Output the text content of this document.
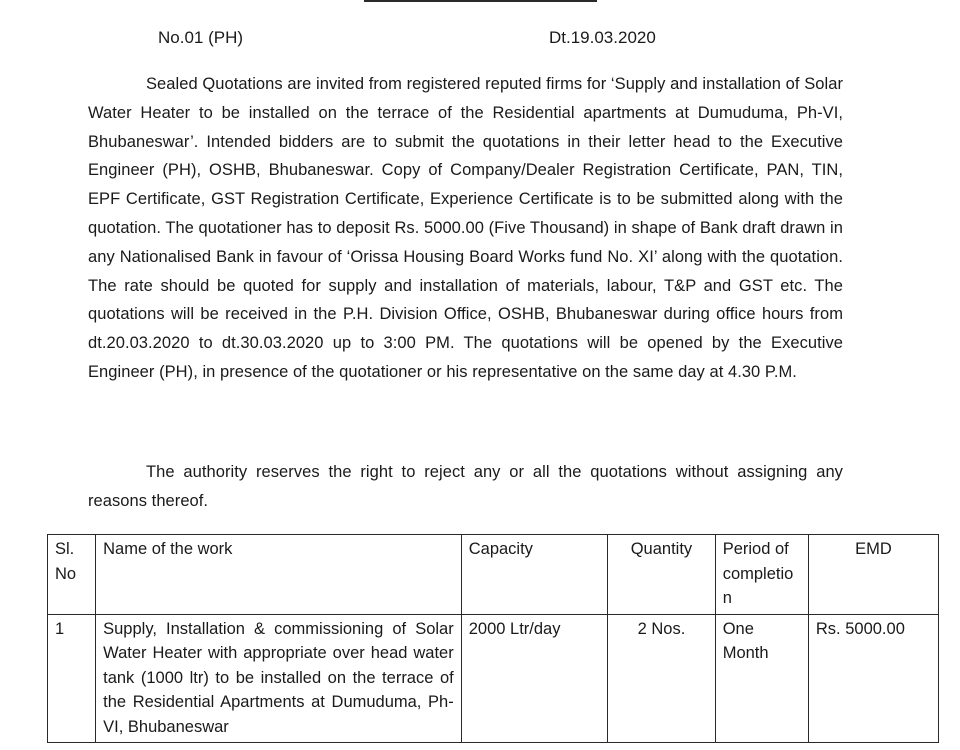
No.01 (PH)	Dt.19.03.2020

Sealed Quotations are invited from registered reputed firms for ‘Supply and installation of Solar Water Heater to be installed on the terrace of the Residential apartments at Dumuduma, Ph-VI, Bhubaneswar’. Intended bidders are to submit the quotations in their letter head to the Executive Engineer (PH), OSHB, Bhubaneswar. Copy of Company/Dealer Registration Certificate, PAN, TIN, EPF Certificate, GST Registration Certificate, Experience Certificate is to be submitted along with the quotation. The quotationer has to deposit Rs. 5000.00 (Five Thousand) in shape of Bank draft drawn in any Nationalised Bank in favour of ‘Orissa Housing Board Works fund No. XI’ along with the quotation. The rate should be quoted for supply and installation of materials, labour, T&P and GST etc. The quotations will be received in the P.H. Division Office, OSHB, Bhubaneswar during office hours from dt.20.03.2020 to dt.30.03.2020 up to 3:00 PM. The quotations will be opened by the Executive Engineer (PH), in presence of the quotationer or his representative on the same day at 4.30 P.M.

The authority reserves the right to reject any or all the quotations without assigning any reasons thereof.

Sl. No	Name of the work	Capacity	Quantity	Period of completion	EMD
1	Supply, Installation & commissioning of Solar Water Heater with appropriate over head water tank (1000 ltr) to be installed on the terrace of the Residential Apartments at Dumuduma, Ph-VI, Bhubaneswar	2000 Ltr/day	2 Nos.	One Month	Rs. 5000.00
